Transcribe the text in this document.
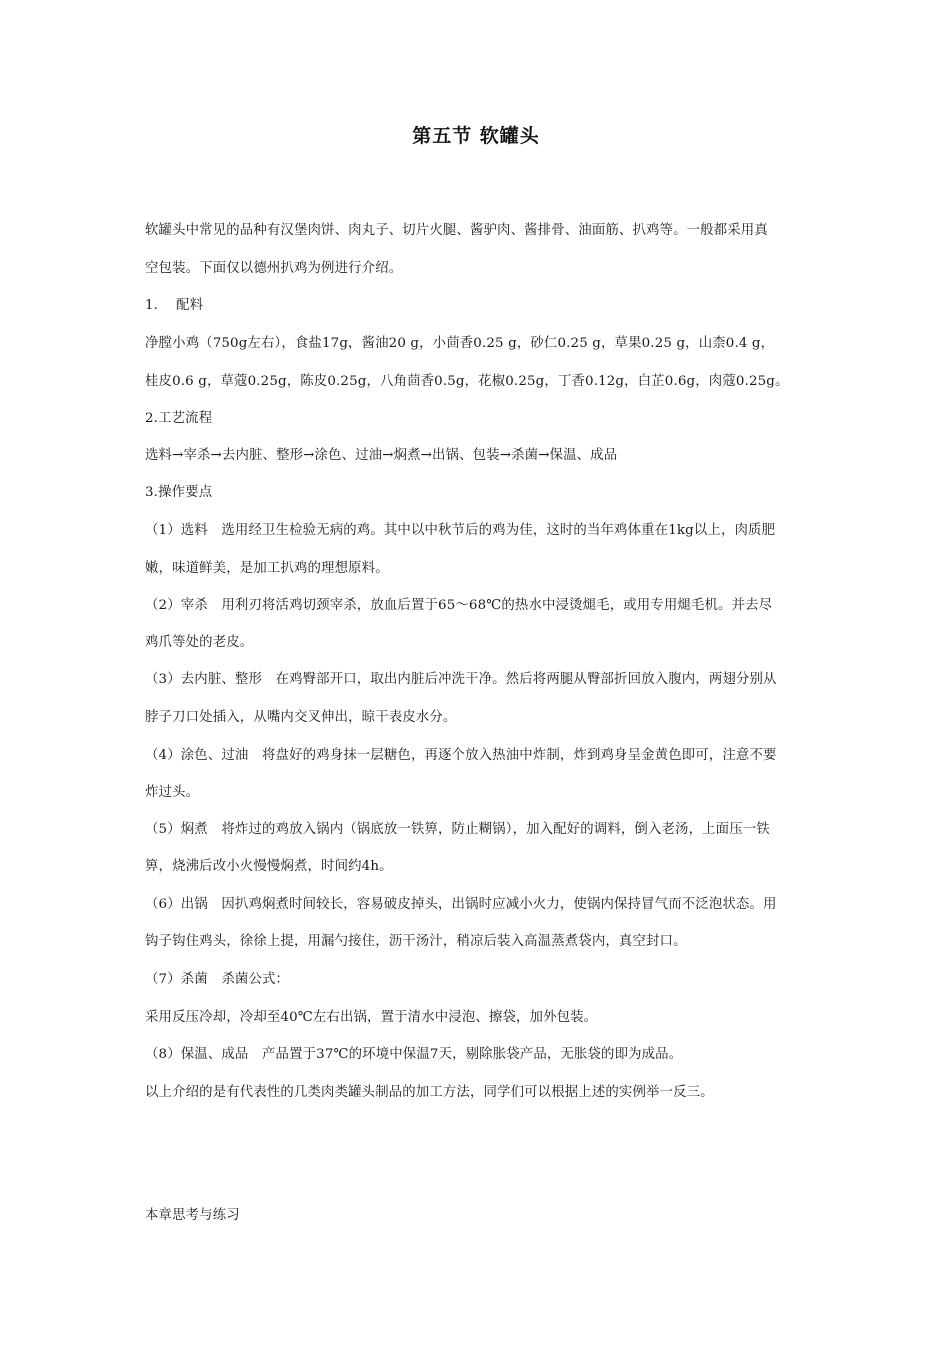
第五节 软罐头
软罐头中常见的品种有汉堡肉饼、肉丸子、切片火腿、酱驴肉、酱排骨、油面筋、扒鸡等。一般都采用真
空包装。下面仅以德州扒鸡为例进行介绍。
1.　 配料
净膛小鸡（750g左右），食盐17g，酱油20 g，小茴香0.25 g，砂仁0.25 g，草果0.25 g，山柰0.4 g，
桂皮0.6 g，草蔻0.25g，陈皮0.25g，八角茴香0.5g，花椒0.25g，丁香0.12g，白芷0.6g，肉蔻0.25g。
2.工艺流程
选料→宰杀→去内脏、整形→涂色、过油→焖煮→出锅、包装→杀菌→保温、成品
3.操作要点
（1）选料　选用经卫生检验无病的鸡。其中以中秋节后的鸡为佳，这时的当年鸡体重在1kg以上，肉质肥
嫩，味道鲜美，是加工扒鸡的理想原料。
（2）宰杀　用利刃将活鸡切颈宰杀，放血后置于65～68℃的热水中浸烫煺毛，或用专用煺毛机。并去尽
鸡爪等处的老皮。
（3）去内脏、整形　在鸡臀部开口，取出内脏后冲洗干净。然后将两腿从臀部折回放入腹内，两翅分别从
脖子刀口处插入，从嘴内交叉伸出，晾干表皮水分。
（4）涂色、过油　将盘好的鸡身抹一层糖色，再逐个放入热油中炸制，炸到鸡身呈金黄色即可，注意不要
炸过头。
（5）焖煮　将炸过的鸡放入锅内（锅底放一铁箅，防止糊锅），加入配好的调料，倒入老汤，上面压一铁
箅，烧沸后改小火慢慢焖煮，时间约4h。
（6）出锅　因扒鸡焖煮时间较长，容易破皮掉头，出锅时应减小火力，使锅内保持冒气而不泛泡状态。用
钩子钩住鸡头，徐徐上提，用漏勺接住，沥干汤汁，稍凉后装入高温蒸煮袋内，真空封口。
（7）杀菌　杀菌公式：
采用反压冷却，冷却至40℃左右出锅，置于清水中浸泡、擦袋，加外包装。
（8）保温、成品　产品置于37℃的环境中保温7天，剔除胀袋产品，无胀袋的即为成品。
以上介绍的是有代表性的几类肉类罐头制品的加工方法，同学们可以根据上述的实例举一反三。
本章思考与练习
